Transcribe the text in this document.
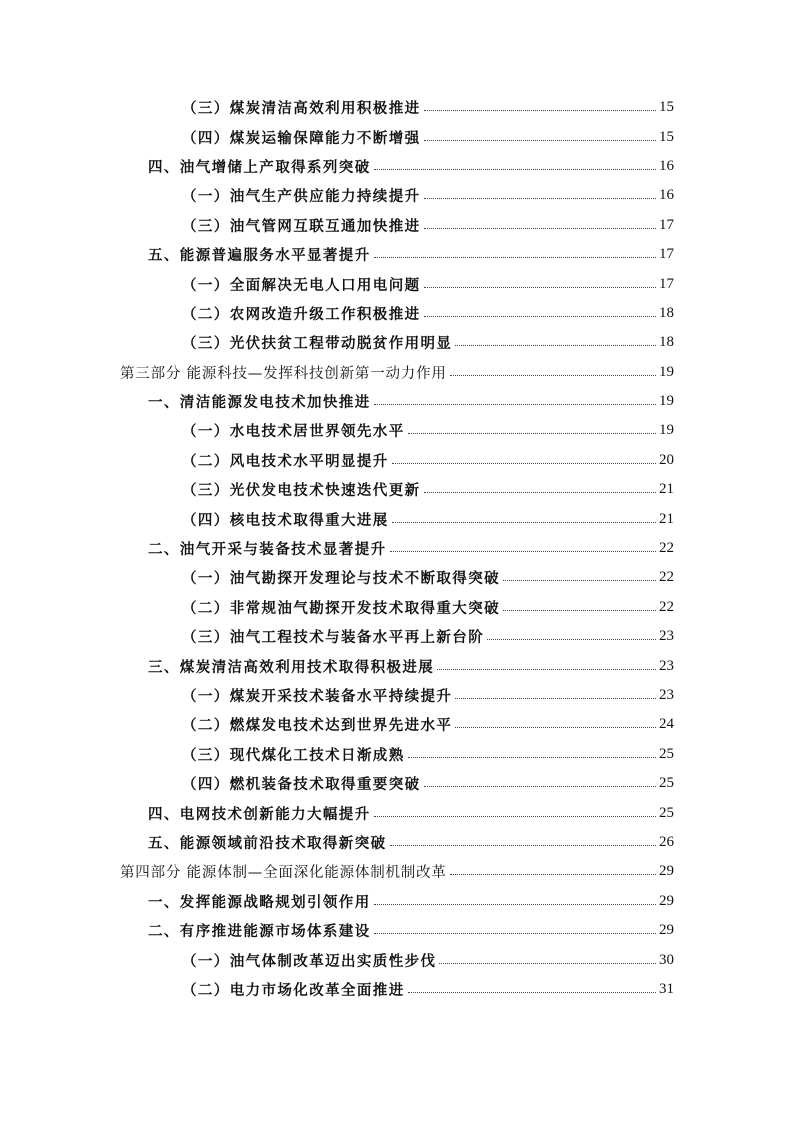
（三）煤炭清洁高效利用积极推进	15
（四）煤炭运输保障能力不断增强	15
四、油气增储上产取得系列突破	16
（一）油气生产供应能力持续提升	16
（三）油气管网互联互通加快推进	17
五、能源普遍服务水平显著提升	17
（一）全面解决无电人口用电问题	17
（二）农网改造升级工作积极推进	18
（三）光伏扶贫工程带动脱贫作用明显	18
第三部分 能源科技—发挥科技创新第一动力作用	19
一、清洁能源发电技术加快推进	19
（一）水电技术居世界领先水平	19
（二）风电技术水平明显提升	20
（三）光伏发电技术快速迭代更新	21
（四）核电技术取得重大进展	21
二、油气开采与装备技术显著提升	22
（一）油气勘探开发理论与技术不断取得突破	22
（二）非常规油气勘探开发技术取得重大突破	22
（三）油气工程技术与装备水平再上新台阶	23
三、煤炭清洁高效利用技术取得积极进展	23
（一）煤炭开采技术装备水平持续提升	23
（二）燃煤发电技术达到世界先进水平	24
（三）现代煤化工技术日渐成熟	25
（四）燃机装备技术取得重要突破	25
四、电网技术创新能力大幅提升	25
五、能源领域前沿技术取得新突破	26
第四部分 能源体制—全面深化能源体制机制改革	29
一、发挥能源战略规划引领作用	29
二、有序推进能源市场体系建设	29
（一）油气体制改革迈出实质性步伐	30
（二）电力市场化改革全面推进	31
